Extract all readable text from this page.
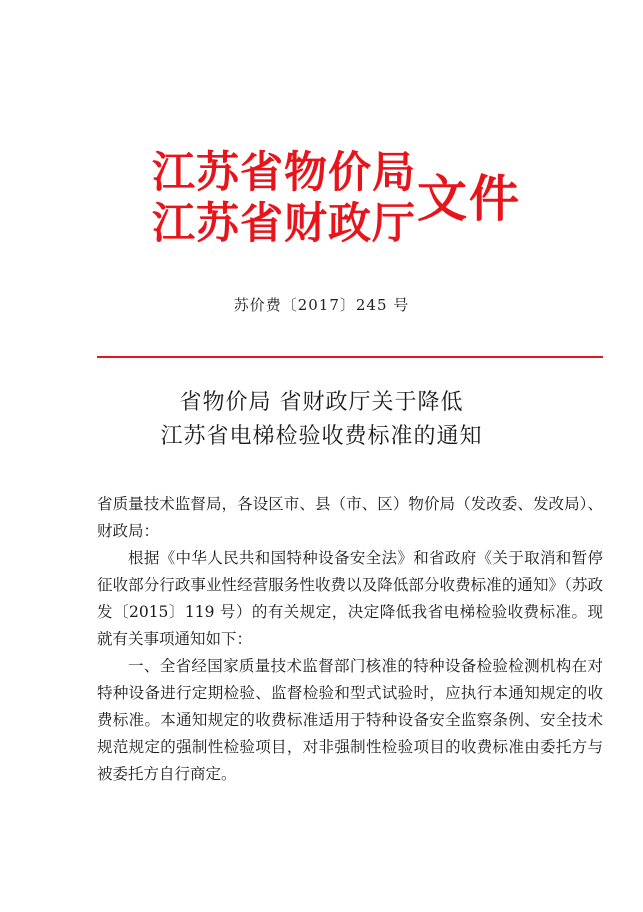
江苏省物价局
江苏省财政厅 文件
苏价费〔2017〕245 号
省物价局 省财政厅关于降低
江苏省电梯检验收费标准的通知

省质量技术监督局，各设区市、县（市、区）物价局（发改委、发改局）、财政局：

根据《中华人民共和国特种设备安全法》和省政府《关于取消和暂停征收部分行政事业性经营服务性收费以及降低部分收费标准的通知》（苏政发〔2015〕119 号）的有关规定，决定降低我省电梯检验收费标准。现就有关事项通知如下：

一、全省经国家质量技术监督部门核准的特种设备检验检测机构在对特种设备进行定期检验、监督检验和型式试验时，应执行本通知规定的收费标准。本通知规定的收费标准适用于特种设备安全监察条例、安全技术规范规定的强制性检验项目，对非强制性检验项目的收费标准由委托方与被委托方自行商定。
